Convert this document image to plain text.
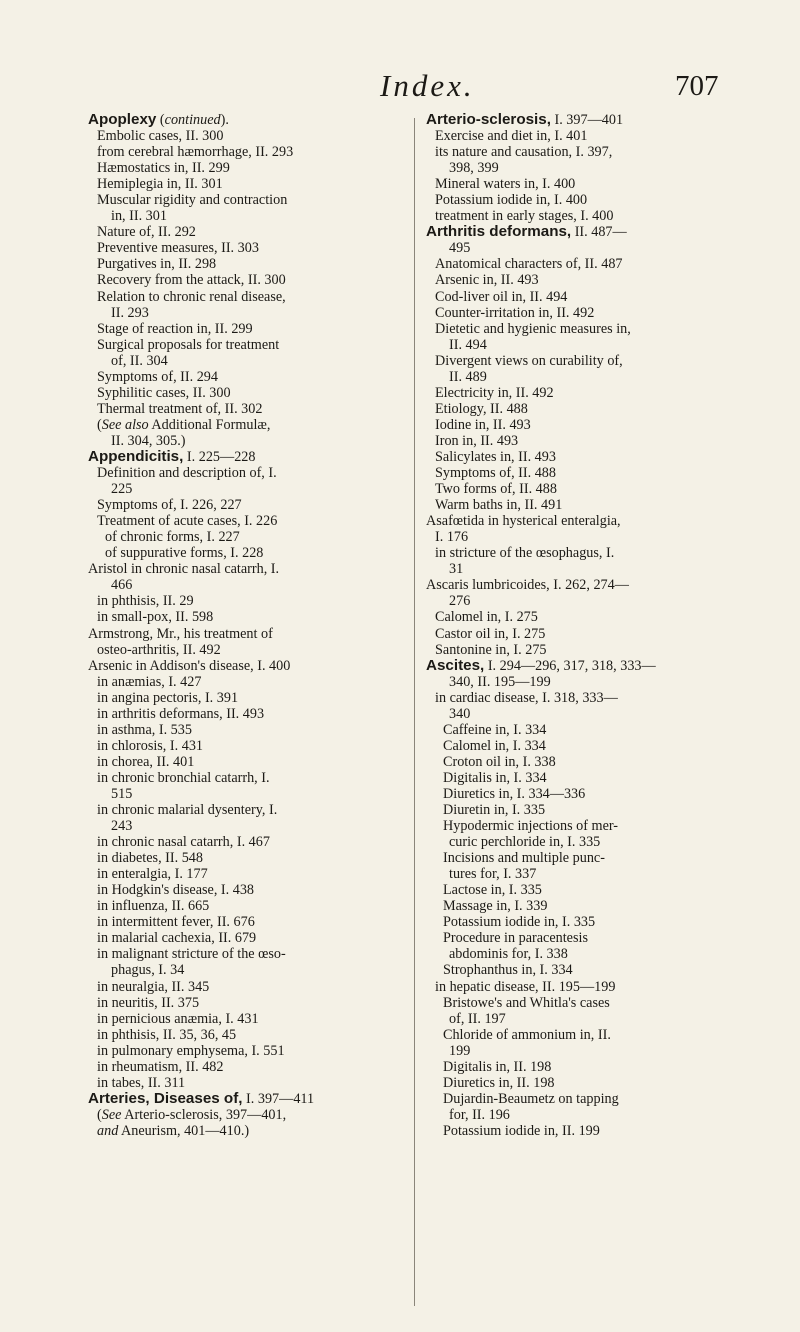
Index.	707
Apoplexy (continued).
Embolic cases, II. 300
from cerebral hæmorrhage, II. 293
Hæmostatics in, II. 299
Hemiplegia in, II. 301
Muscular rigidity and contraction
in, II. 301
Nature of, II. 292
Preventive measures, II. 303
Purgatives in, II. 298
Recovery from the attack, II. 300
Relation to chronic renal disease,
II. 293
Stage of reaction in, II. 299
Surgical proposals for treatment
of, II. 304
Symptoms of, II. 294
Syphilitic cases, II. 300
Thermal treatment of, II. 302
(See also Additional Formulæ,
II. 304, 305.)
Appendicitis, I. 225—228
Definition and description of, I.
225
Symptoms of, I. 226, 227
Treatment of acute cases, I. 226
of chronic forms, I. 227
of suppurative forms, I. 228
Aristol in chronic nasal catarrh, I.
466
in phthisis, II. 29
in small-pox, II. 598
Armstrong, Mr., his treatment of
osteo-arthritis, II. 492
Arsenic in Addison's disease, I. 400
in anæmias, I. 427
in angina pectoris, I. 391
in arthritis deformans, II. 493
in asthma, I. 535
in chlorosis, I. 431
in chorea, II. 401
in chronic bronchial catarrh, I.
515
in chronic malarial dysentery, I.
243
in chronic nasal catarrh, I. 467
in diabetes, II. 548
in enteralgia, I. 177
in Hodgkin's disease, I. 438
in influenza, II. 665
in intermittent fever, II. 676
in malarial cachexia, II. 679
in malignant stricture of the œso-
phagus, I. 34
in neuralgia, II. 345
in neuritis, II. 375
in pernicious anæmia, I. 431
in phthisis, II. 35, 36, 45
in pulmonary emphysema, I. 551
in rheumatism, II. 482
in tabes, II. 311
Arteries, Diseases of, I. 397—411
(See Arterio-sclerosis, 397—401,
and Aneurism, 401—410.)
Arterio-sclerosis, I. 397—401
Exercise and diet in, I. 401
its nature and causation, I. 397,
398, 399
Mineral waters in, I. 400
Potassium iodide in, I. 400
treatment in early stages, I. 400
Arthritis deformans, II. 487—
495
Anatomical characters of, II. 487
Arsenic in, II. 493
Cod-liver oil in, II. 494
Counter-irritation in, II. 492
Dietetic and hygienic measures in,
II. 494
Divergent views on curability of,
II. 489
Electricity in, II. 492
Etiology, II. 488
Iodine in, II. 493
Iron in, II. 493
Salicylates in, II. 493
Symptoms of, II. 488
Two forms of, II. 488
Warm baths in, II. 491
Asafœtida in hysterical enteralgia,
I. 176
in stricture of the œsophagus, I.
31
Ascaris lumbricoides, I. 262, 274—
276
Calomel in, I. 275
Castor oil in, I. 275
Santonine in, I. 275
Ascites, I. 294—296, 317, 318, 333—
340, II. 195—199
in cardiac disease, I. 318, 333—
340
Caffeine in, I. 334
Calomel in, I. 334
Croton oil in, I. 338
Digitalis in, I. 334
Diuretics in, I. 334—336
Diuretin in, I. 335
Hypodermic injections of mer-
curic perchloride in, I. 335
Incisions and multiple punc-
tures for, I. 337
Lactose in, I. 335
Massage in, I. 339
Potassium iodide in, I. 335
Procedure in paracentesis
abdominis for, I. 338
Strophanthus in, I. 334
in hepatic disease, II. 195—199
Bristowe's and Whitla's cases
of, II. 197
Chloride of ammonium in, II.
199
Digitalis in, II. 198
Diuretics in, II. 198
Dujardin-Beaumetz on tapping
for, II. 196
Potassium iodide in, II. 199
